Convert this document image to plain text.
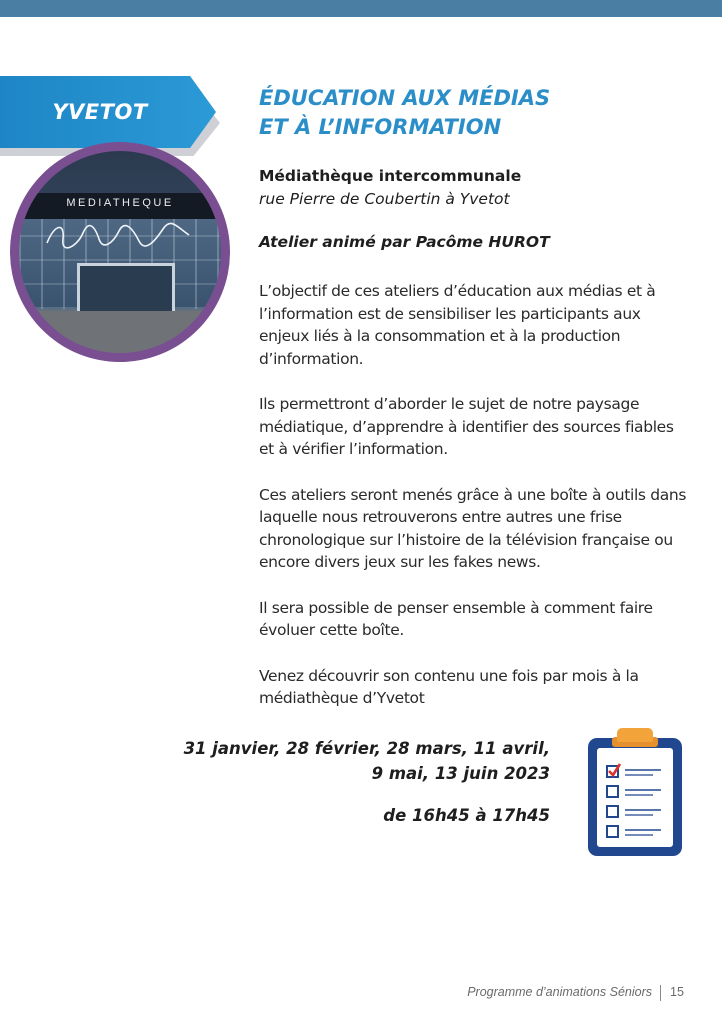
YVETOT
MEDIATHEQUE
ÉDUCATION AUX MÉDIAS
ET À L’INFORMATION
Médiathèque intercommunale
rue Pierre de Coubertin à Yvetot
Atelier animé par Pacôme HUROT

L’objectif de ces ateliers d’éducation aux médias et à l’information est de sensibiliser les participants aux enjeux liés à la consommation et à la production d’information.

Ils permettront d’aborder le sujet de notre paysage médiatique, d’apprendre à identifier des sources fiables et à vérifier l’information.

Ces ateliers seront menés grâce à une boîte à outils dans laquelle nous retrouverons entre autres une frise chronologique sur l’histoire de la télévision française ou encore divers jeux sur les fakes news.

Il sera possible de penser ensemble à comment faire évoluer cette boîte.

Venez découvrir son contenu une fois par mois à la médiathèque d’Yvetot

31 janvier, 28 février, 28 mars, 11 avril,
9 mai, 13 juin 2023
de 16h45 à 17h45
Programme d’animations Séniors 15
